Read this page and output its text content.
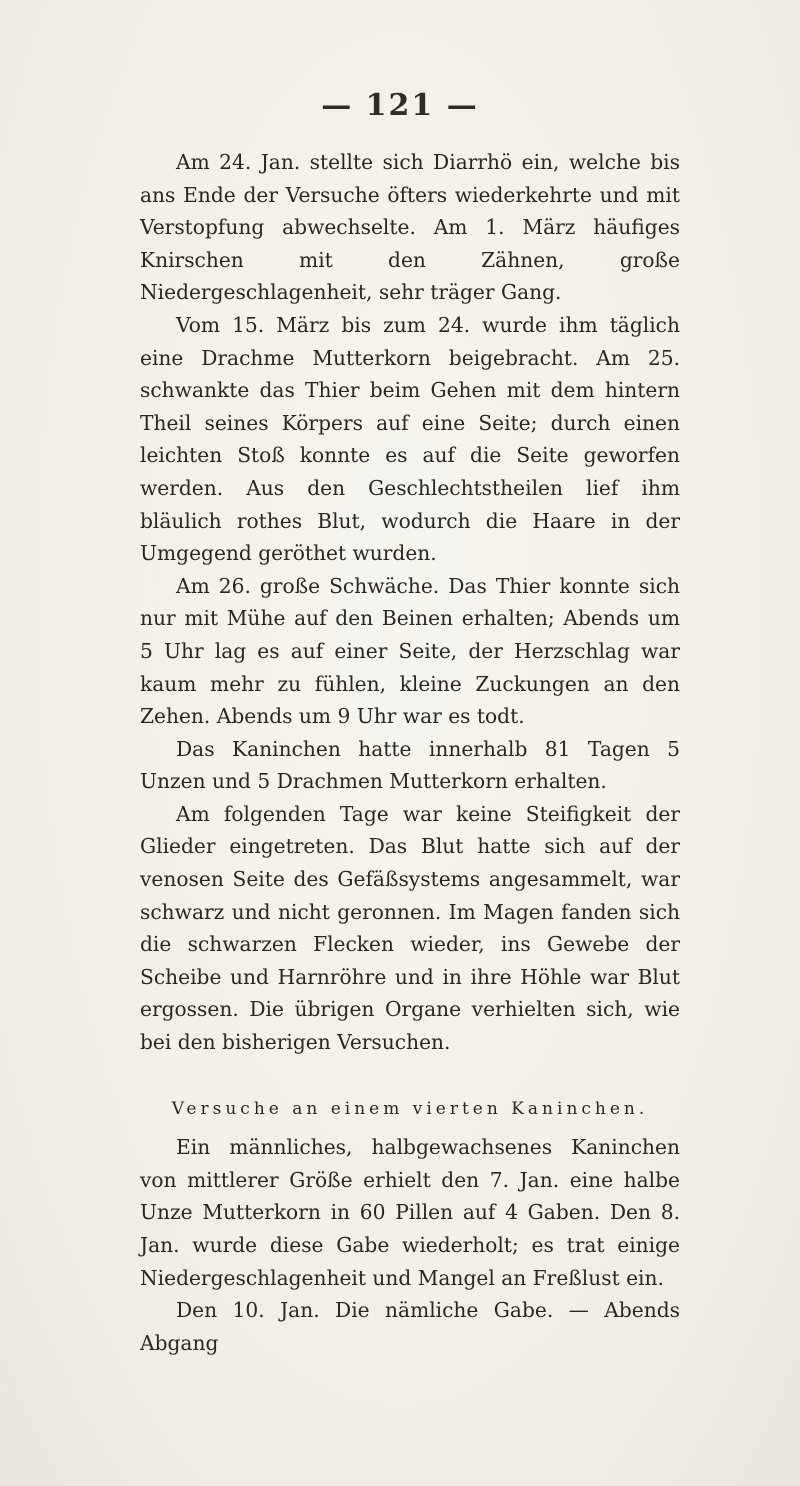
— 121 —

Am 24. Jan. stellte sich Diarrhö ein, welche bis ans Ende der Versuche öfters wiederkehrte und mit Verstopfung abwechselte. Am 1. März häufiges Knirschen mit den Zähnen, große Niedergeschlagenheit, sehr träger Gang.

Vom 15. März bis zum 24. wurde ihm täglich eine Drachme Mutterkorn beigebracht. Am 25. schwankte das Thier beim Gehen mit dem hintern Theil seines Körpers auf eine Seite; durch einen leichten Stoß konnte es auf die Seite geworfen werden. Aus den Geschlechtstheilen lief ihm bläulich rothes Blut, wodurch die Haare in der Umgegend geröthet wurden.

Am 26. große Schwäche. Das Thier konnte sich nur mit Mühe auf den Beinen erhalten; Abends um 5 Uhr lag es auf einer Seite, der Herzschlag war kaum mehr zu fühlen, kleine Zuckungen an den Zehen. Abends um 9 Uhr war es todt.

Das Kaninchen hatte innerhalb 81 Tagen 5 Unzen und 5 Drachmen Mutterkorn erhalten.

Am folgenden Tage war keine Steifigkeit der Glieder eingetreten. Das Blut hatte sich auf der venosen Seite des Gefäßsystems angesammelt, war schwarz und nicht geronnen. Im Magen fanden sich die schwarzen Flecken wieder, ins Gewebe der Scheibe und Harnröhre und in ihre Höhle war Blut ergossen. Die übrigen Organe verhielten sich, wie bei den bisherigen Versuchen.

Versuche an einem vierten Kaninchen.

Ein männliches, halbgewachsenes Kaninchen von mittlerer Größe erhielt den 7. Jan. eine halbe Unze Mutterkorn in 60 Pillen auf 4 Gaben. Den 8. Jan. wurde diese Gabe wiederholt; es trat einige Niedergeschlagenheit und Mangel an Freßlust ein.

Den 10. Jan. Die nämliche Gabe. — Abends Abgang
